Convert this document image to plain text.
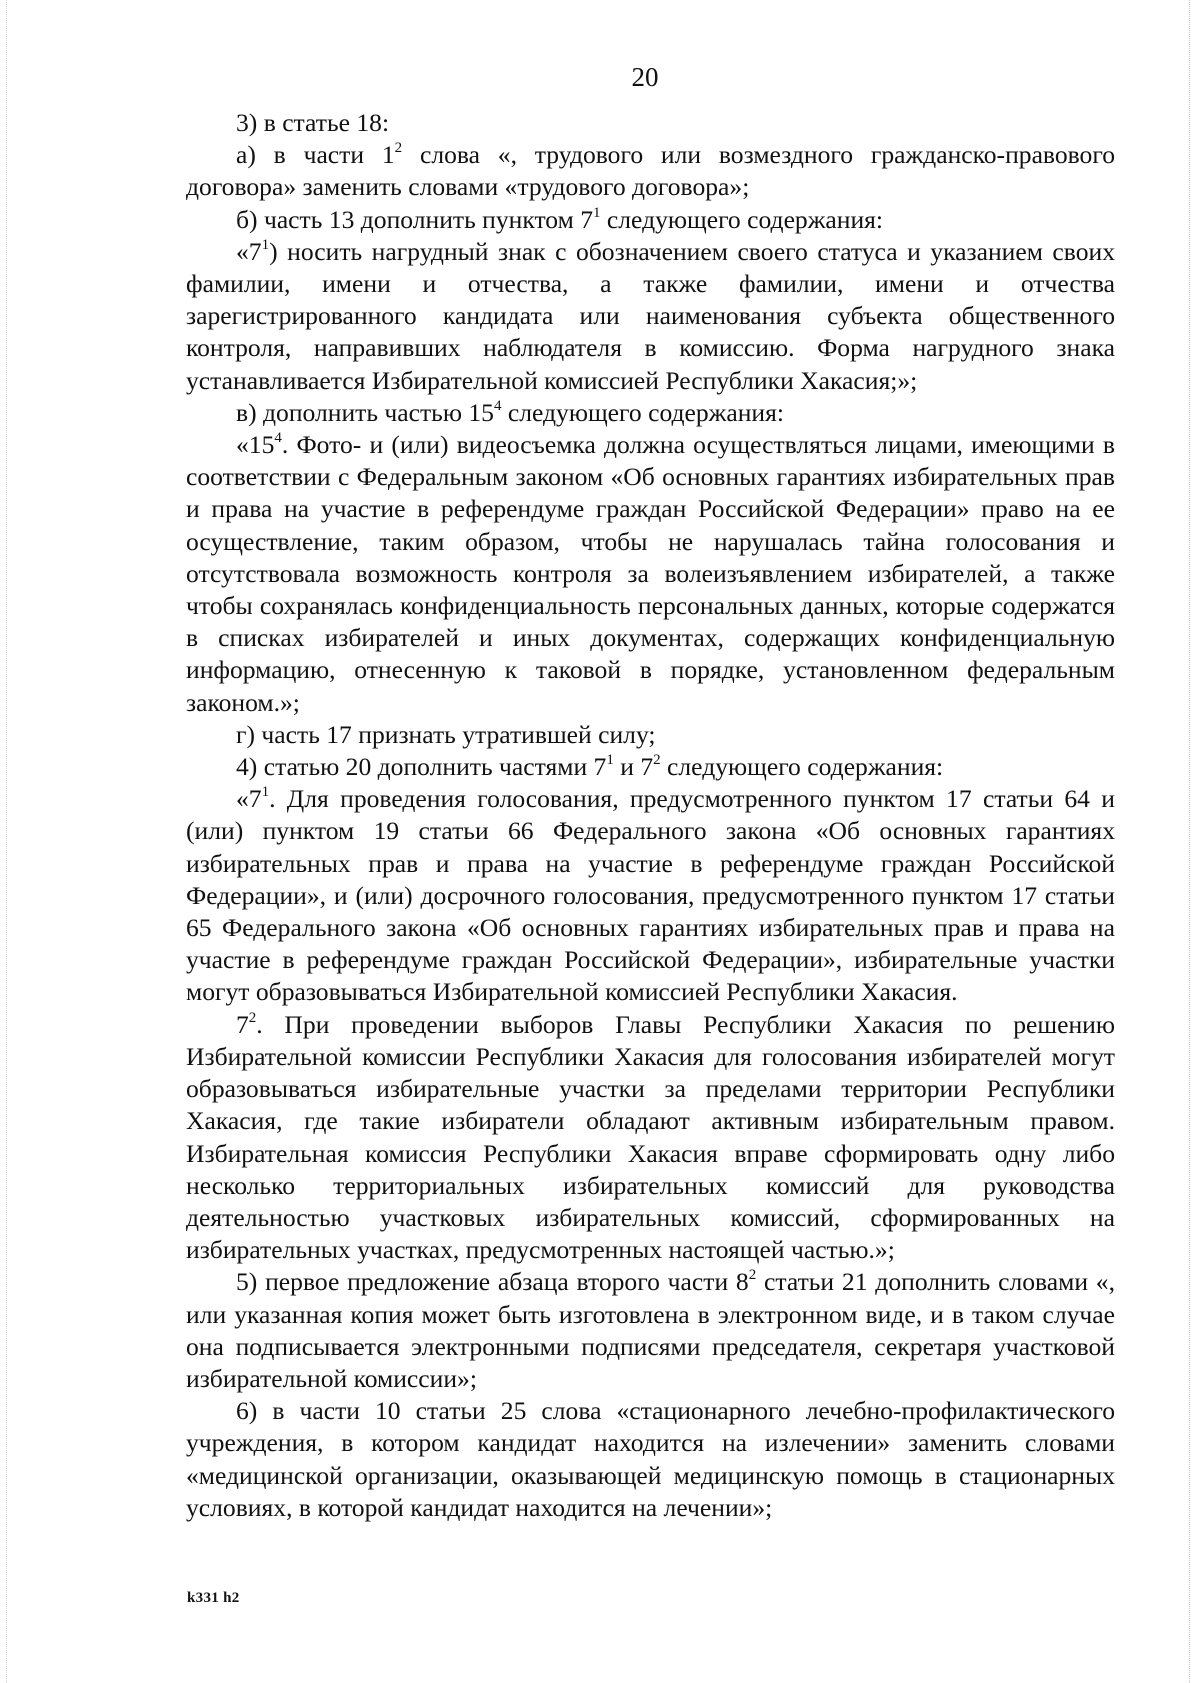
20

3) в статье 18:

а) в части $1^2$ слова «, трудового или возмездного гражданско-правового договора» заменить словами «трудового договора»;

б) часть 13 дополнить пунктом $7^1$ следующего содержания:

«$7^1$) носить нагрудный знак с обозначением своего статуса и указанием своих фамилии, имени и отчества, а также фамилии, имени и отчества зарегистрированного кандидата или наименования субъекта общественного контроля, направивших наблюдателя в комиссию. Форма нагрудного знака устанавливается Избирательной комиссией Республики Хакасия;»;

в) дополнить частью $15^4$ следующего содержания:

«$15^4$. Фото- и (или) видеосъемка должна осуществляться лицами, имеющими в соответствии с Федеральным законом «Об основных гарантиях избирательных прав и права на участие в референдуме граждан Российской Федерации» право на ее осуществление, таким образом, чтобы не нарушалась тайна голосования и отсутствовала возможность контроля за волеизъявлением избирателей, а также чтобы сохранялась конфиденциальность персональных данных, которые содержатся в списках избирателей и иных документах, содержащих конфиденциальную информацию, отнесенную к таковой в порядке, установленном федеральным законом.»;

г) часть 17 признать утратившей силу;

4) статью 20 дополнить частями $7^1$ и $7^2$ следующего содержания:

«$7^1$. Для проведения голосования, предусмотренного пунктом 17 статьи 64 и (или) пунктом 19 статьи 66 Федерального закона «Об основных гарантиях избирательных прав и права на участие в референдуме граждан Российской Федерации», и (или) досрочного голосования, предусмотренного пунктом 17 статьи 65 Федерального закона «Об основных гарантиях избирательных прав и права на участие в референдуме граждан Российской Федерации», избирательные участки могут образовываться Избирательной комиссией Республики Хакасия.

$7^2$. При проведении выборов Главы Республики Хакасия по решению Избирательной комиссии Республики Хакасия для голосования избирателей могут образовываться избирательные участки за пределами территории Республики Хакасия, где такие избиратели обладают активным избирательным правом. Избирательная комиссия Республики Хакасия вправе сформировать одну либо несколько территориальных избирательных комиссий для руководства деятельностью участковых избирательных комиссий, сформированных на избирательных участках, предусмотренных настоящей частью.»;

5) первое предложение абзаца второго части $8^2$ статьи 21 дополнить словами «, или указанная копия может быть изготовлена в электронном виде, и в таком случае она подписывается электронными подписями председателя, секретаря участковой избирательной комиссии»;

6) в части 10 статьи 25 слова «стационарного лечебно-профилактического учреждения, в котором кандидат находится на излечении» заменить словами «медицинской организации, оказывающей медицинскую помощь в стационарных условиях, в которой кандидат находится на лечении»;

k331 h2
